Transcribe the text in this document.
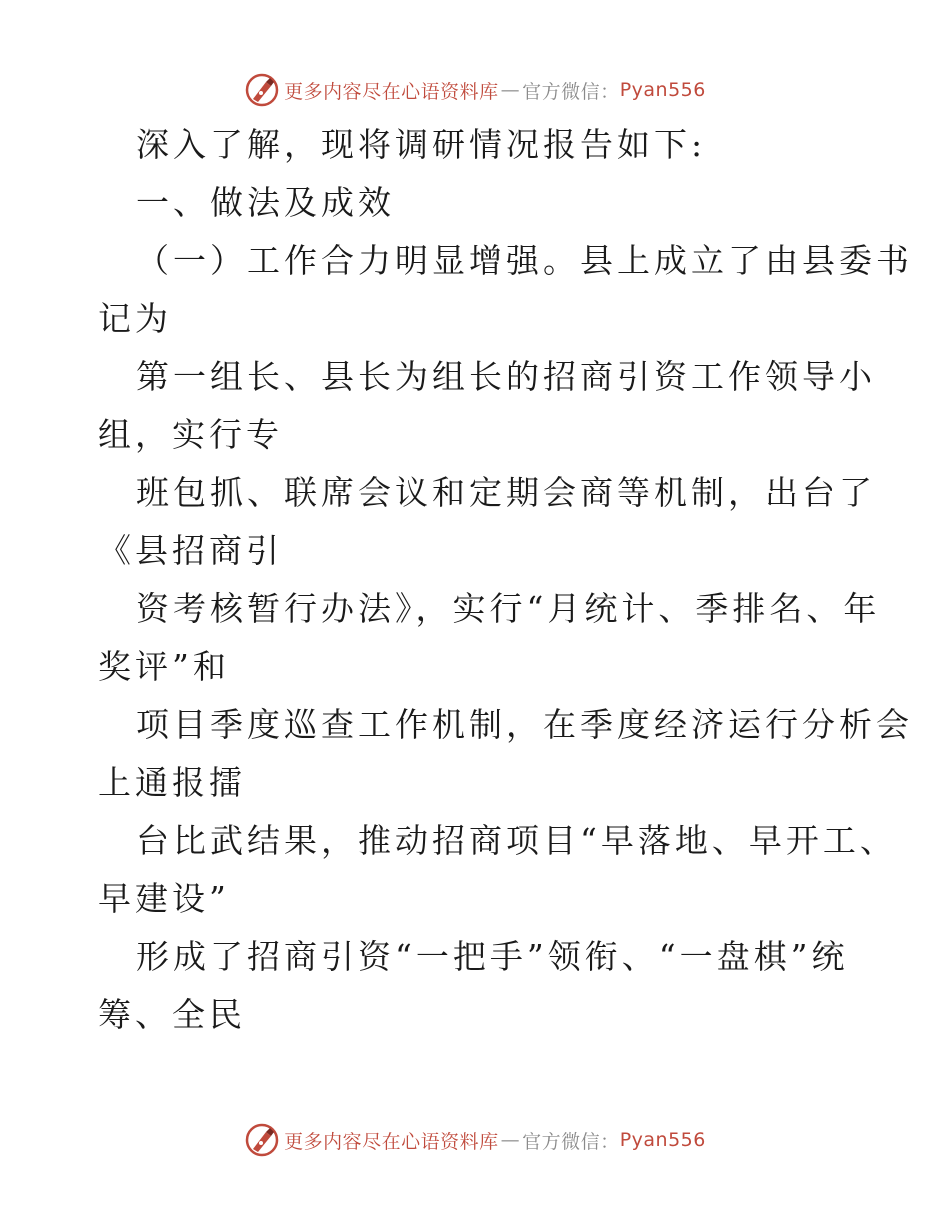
更多内容尽在心语资料库 — 官方微信： Pyan556
深入了解，现将调研情况报告如下:
一、做法及成效
（一）工作合力明显增强。县上成立了由县委书
记为
第一组长、县长为组长的招商引资工作领导小
组，实行专
班包抓、联席会议和定期会商等机制，出台了
《县招商引
资考核暂行办法》，实行“月统计、季排名、年
奖评”和
项目季度巡查工作机制，在季度经济运行分析会
上通报擂
台比武结果，推动招商项目“早落地、早开工、
早建设”
形成了招商引资“一把手”领衔、“一盘棋”统
筹、全民
更多内容尽在心语资料库 — 官方微信： Pyan556
